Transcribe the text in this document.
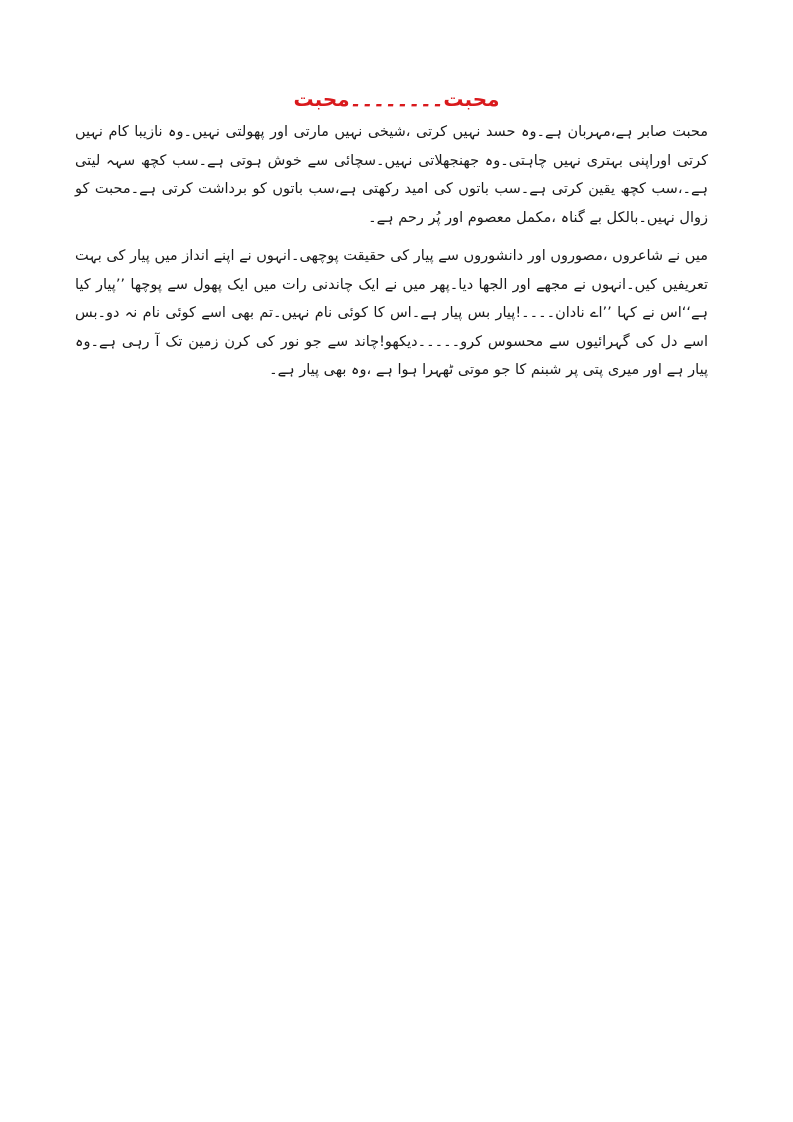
محبت۔۔۔۔۔۔۔۔محبت

محبت صابر ہے،مہربان ہے۔وہ حسد نہیں کرتی ،شیخی نہیں مارتی اور پھولتی نہیں۔وہ نازیبا کام نہیں کرتی اوراپنی بہتری نہیں چاہتی۔وہ جھنجھلاتی نہیں۔سچائی سے خوش ہوتی ہے۔سب کچھ سہہ لیتی ہے۔،سب کچھ یقین کرتی ہے۔سب باتوں کی امید رکھتی ہے،سب باتوں کو برداشت کرتی ہے۔محبت کو زوال نہیں۔بالکل بے گناہ ،مکمل معصوم اور پُر رحم ہے۔

میں نے شاعروں ،مصوروں اور دانشوروں سے پیار کی حقیقت پوچھی۔انہوں نے اپنے انداز میں پیار کی بہت تعریفیں کیں۔انہوں نے مجھے اور الجھا دیا۔پھر میں نے ایک چاندنی رات میں ایک پھول سے پوچھا ’’پیار کیا ہے‘‘اس نے کہا ’’اے نادان۔۔۔۔!پیار بس پیار ہے۔اس کا کوئی نام نہیں۔تم بھی اسے کوئی نام نہ دو۔بس اسے دل کی گہرائیوں سے محسوس کرو۔۔۔۔۔دیکھو!چاند سے جو نور کی کرن زمین تک آ رہی ہے۔وہ پیار ہے اور میری پتی پر شبنم کا جو موتی ٹھہرا ہوا ہے ،وہ بھی پیار ہے۔
